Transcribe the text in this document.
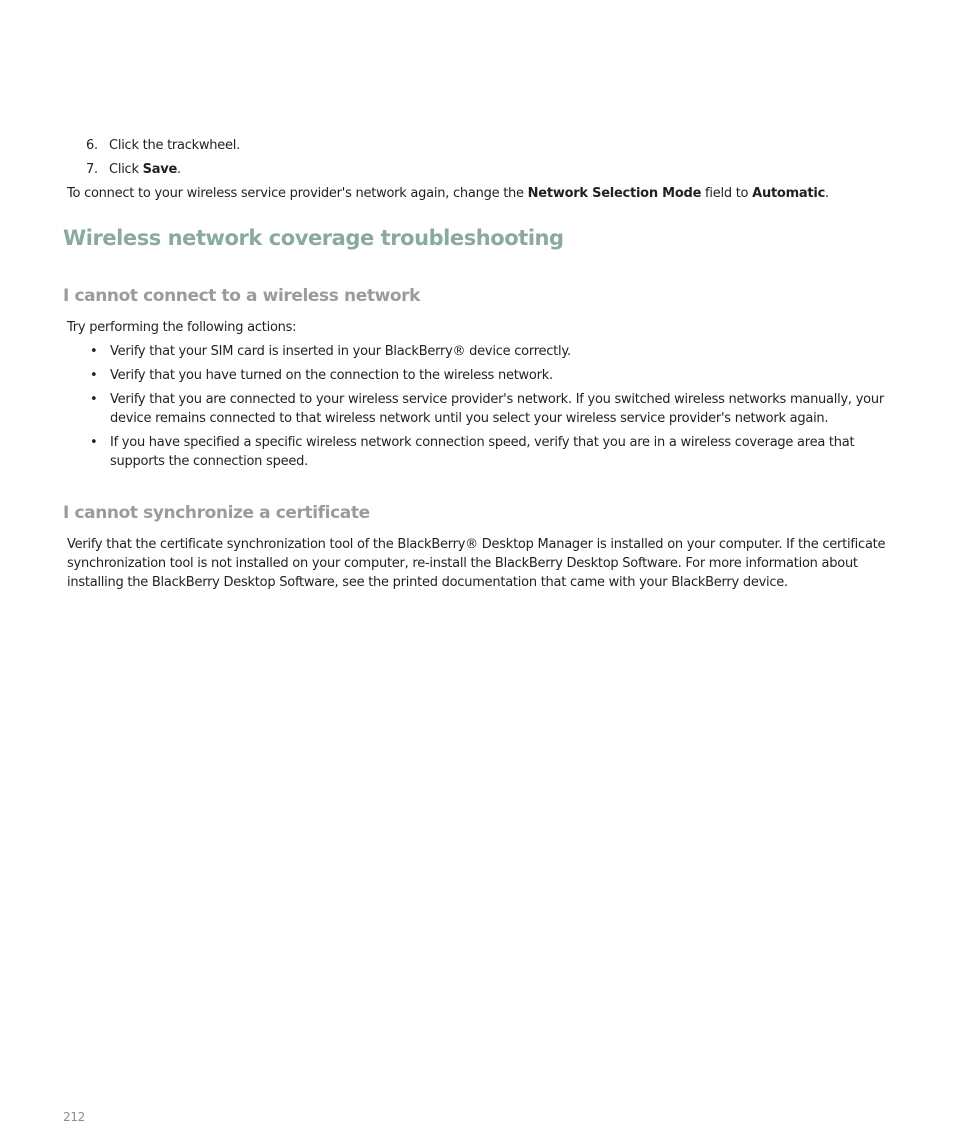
6. Click the trackwheel.
7. Click Save.
To connect to your wireless service provider's network again, change the Network Selection Mode field to Automatic.
Wireless network coverage troubleshooting
I cannot connect to a wireless network
Try performing the following actions:
• Verify that your SIM card is inserted in your BlackBerry® device correctly.
• Verify that you have turned on the connection to the wireless network.
• Verify that you are connected to your wireless service provider's network. If you switched wireless networks manually, your device remains connected to that wireless network until you select your wireless service provider's network again.
• If you have specified a specific wireless network connection speed, verify that you are in a wireless coverage area that supports the connection speed.
I cannot synchronize a certificate
Verify that the certificate synchronization tool of the BlackBerry® Desktop Manager is installed on your computer. If the certificate synchronization tool is not installed on your computer, re-install the BlackBerry Desktop Software. For more information about installing the BlackBerry Desktop Software, see the printed documentation that came with your BlackBerry device.
212
